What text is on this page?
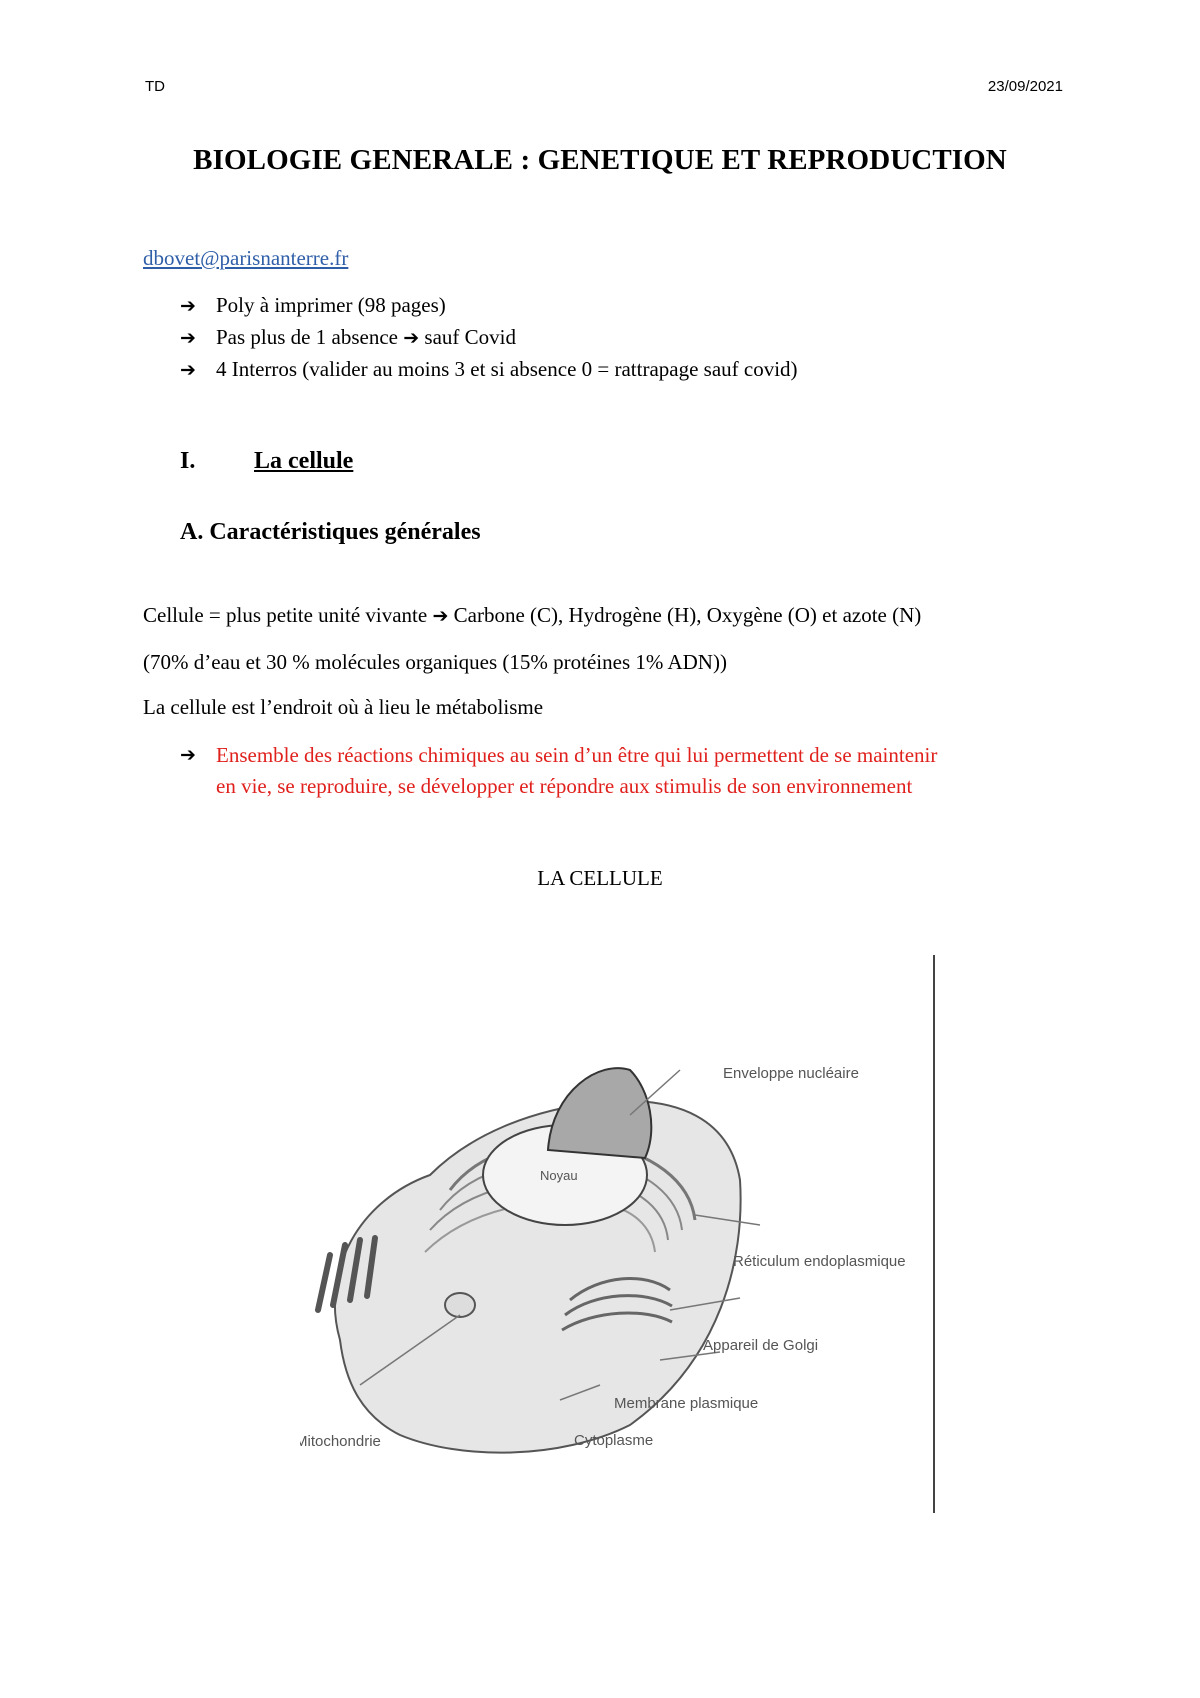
TD	23/09/2021
BIOLOGIE GENERALE : GENETIQUE ET REPRODUCTION
dbovet@parisnanterre.fr
➔ Poly à imprimer (98 pages)
➔ Pas plus de 1 absence
➔
sauf Covid
➔ 4 Interros (valider au moins 3 et si absence 0 = rattrapage sauf covid)
I. La cellule
A. Caractéristiques générales
Cellule = plus petite unité vivante ➔ Carbone (C), Hydrogène (H), Oxygène (O) et azote (N)
(70% d’eau et 30 % molécules organiques (15% protéines 1% ADN))
La cellule est l’endroit où à lieu le métabolisme
➔ Ensemble des réactions chimiques au sein d’un être qui lui permettent de se maintenir
en vie, se reproduire, se développer et répondre aux stimulis de son environnement
LA CELLULE
Noyau
Enveloppe nucléaire
Réticulum endoplasmique
Appareil de Golgi
Membrane plasmique
Mitochondrie	Cytoplasme
